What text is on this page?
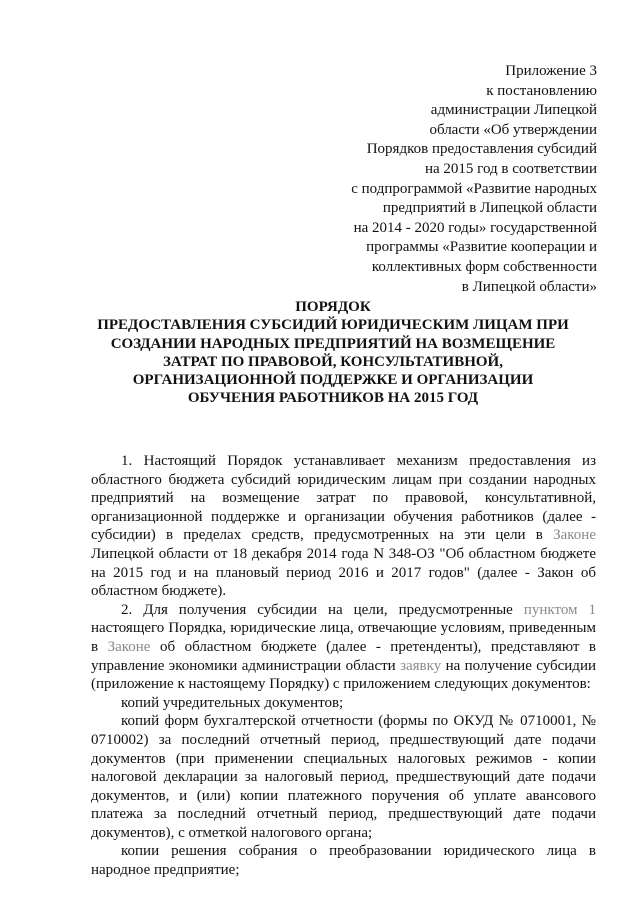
Приложение 3
к постановлению
администрации Липецкой
области «Об утверждении
Порядков предоставления субсидий
на 2015 год в соответствии
с подпрограммой «Развитие народных
предприятий в Липецкой области
на 2014 - 2020 годы» государственной
программы «Развитие кооперации и
коллективных форм собственности
в Липецкой области»
ПОРЯДОК
ПРЕДОСТАВЛЕНИЯ СУБСИДИЙ ЮРИДИЧЕСКИМ ЛИЦАМ ПРИ
СОЗДАНИИ НАРОДНЫХ ПРЕДПРИЯТИЙ НА ВОЗМЕЩЕНИЕ
ЗАТРАТ ПО ПРАВОВОЙ, КОНСУЛЬТАТИВНОЙ,
ОРГАНИЗАЦИОННОЙ ПОДДЕРЖКЕ И ОРГАНИЗАЦИИ
ОБУЧЕНИЯ РАБОТНИКОВ НА 2015 ГОД

1. Настоящий Порядок устанавливает механизм предоставления из областного бюджета субсидий юридическим лицам при создании народных предприятий на возмещение затрат по правовой, консультативной, организационной поддержке и организации обучения работников (далее - субсидии) в пределах средств, предусмотренных на эти цели в Законе Липецкой области от 18 декабря 2014 года N 348-ОЗ "Об областном бюджете на 2015 год и на плановый период 2016 и 2017 годов" (далее - Закон об областном бюджете).

2. Для получения субсидии на цели, предусмотренные пунктом 1 настоящего Порядка, юридические лица, отвечающие условиям, приведенным в Законе об областном бюджете (далее - претенденты), представляют в управление экономики администрации области заявку на получение субсидии (приложение к настоящему Порядку) с приложением следующих документов:

копий учредительных документов;

копий форм бухгалтерской отчетности (формы по ОКУД № 0710001, № 0710002) за последний отчетный период, предшествующий дате подачи документов (при применении специальных налоговых режимов - копии налоговой декларации за налоговый период, предшествующий дате подачи документов, и (или) копии платежного поручения об уплате авансового платежа за последний отчетный период, предшествующий дате подачи документов), с отметкой налогового органа;

копии решения собрания о преобразовании юридического лица в народное предприятие;
